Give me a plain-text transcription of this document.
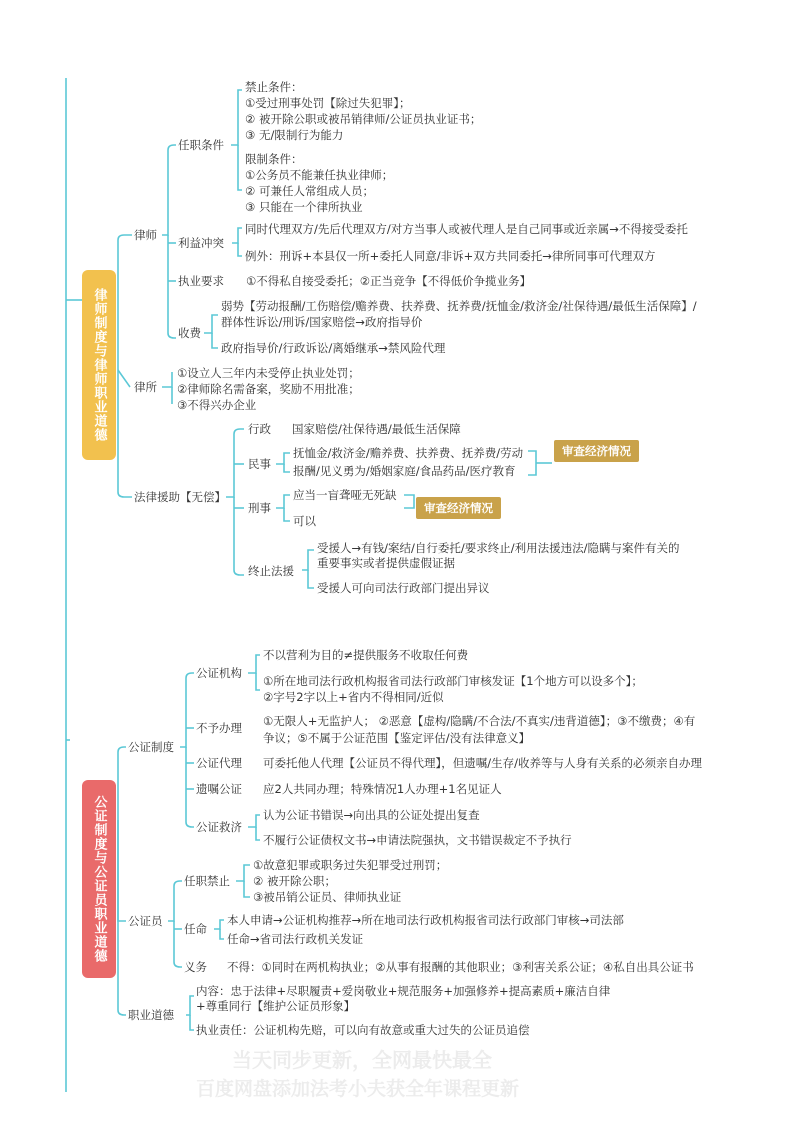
律师制度与律师职业道德
公证制度与公证员职业道德
律师
任职条件
禁止条件：
①受过刑事处罚【除过失犯罪】；
② 被开除公职或被吊销律师/公证员执业证书；
③ 无/限制行为能力
限制条件：
①公务员不能兼任执业律师；
② 可兼任人常组成人员；
③ 只能在一个律所执业
利益冲突
同时代理双方/先后代理双方/对方当事人或被代理人是自己同事或近亲属→不得接受委托
例外：刑诉+本县仅一所+委托人同意/非诉+双方共同委托→律所同事可代理双方
执业要求 ①不得私自接受委托；②正当竞争【不得低价争揽业务】
收费
弱势【劳动报酬/工伤赔偿/赡养费、扶养费、抚养费/抚恤金/救济金/社保待遇/最低生活保障】/
群体性诉讼/刑诉/国家赔偿→政府指导价
政府指导价/行政诉讼/离婚继承→禁风险代理
律所
①设立人三年内未受停止执业处罚；
②律师除名需备案，奖励不用批准；
③不得兴办企业
法律援助【无偿】
行政 国家赔偿/社保待遇/最低生活保障
民事
抚恤金/救济金/赡养费、扶养费、抚养费/劳动
报酬/见义勇为/婚姻家庭/食品药品/医疗教育
审查经济情况
刑事
应当一盲聋哑无死缺
可以
审查经济情况
终止法援
受援人→有钱/案结/自行委托/要求终止/利用法援违法/隐瞒与案件有关的
重要事实或者提供虚假证据
受援人可向司法行政部门提出异议
公证制度
公证机构
不以营利为目的≠提供服务不收取任何费
①所在地司法行政机构报省司法行政部门审核发证【1个地方可以设多个】；
②字号2字以上+省内不得相同/近似
不予办理 ①无限人+无监护人； ②恶意【虚构/隐瞒/不合法/不真实/违背道德】；③不缴费；④有
争议；⑤不属于公证范围【鉴定评估/没有法律意义】
公证代理 可委托他人代理【公证员不得代理】，但遗嘱/生存/收养等与人身有关系的必须亲自办理
遗嘱公证 应2人共同办理；特殊情况1人办理+1名见证人
公证救济
认为公证书错误→向出具的公证处提出复查
不履行公证债权文书→申请法院强执，文书错误裁定不予执行
公证员
任职禁止
①故意犯罪或职务过失犯罪受过刑罚；
② 被开除公职；
③被吊销公证员、律师执业证
任命
本人申请→公证机构推荐→所在地司法行政机构报省司法行政部门审核→司法部
任命→省司法行政机关发证
义务 不得：①同时在两机构执业；②从事有报酬的其他职业；③利害关系公证；④私自出具公证书
职业道德
内容：忠于法律+尽职履责+爱岗敬业+规范服务+加强修养+提高素质+廉洁自律
+尊重同行【维护公证员形象】
执业责任：公证机构先赔，可以向有故意或重大过失的公证员追偿
当天同步更新，全网最快最全
百度网盘添加法考小夫获全年课程更新
